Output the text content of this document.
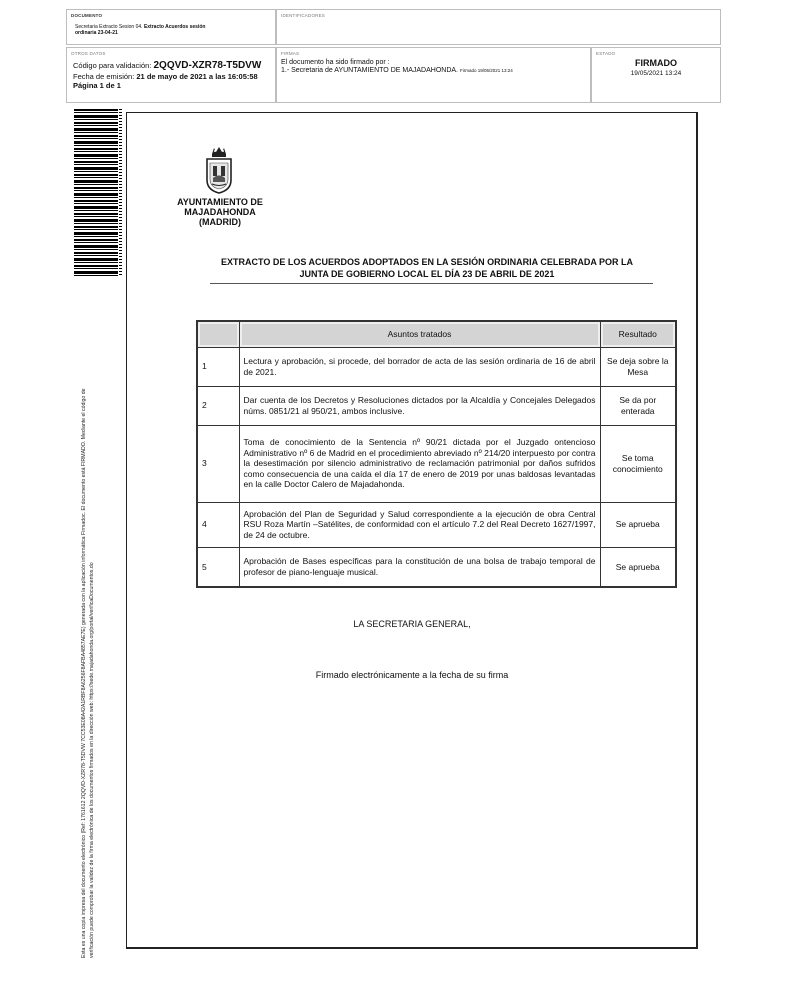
DOCUMENTO
Secretaria Extracto Sesion 04. Extracto Acuerdos sesión
ordinaria 23-04-21
IDENTIFICADORES
OTROS DATOS
Código para validación: 2QQVD-XZR78-T5DVW
Fecha de emisión: 21 de mayo de 2021 a las 16:05:58
Página 1 de 1
FIRMAS
El documento ha sido firmado por :
1.- Secretaria de AYUNTAMIENTO DE MAJADAHONDA. Firmado 19/05/2021 13:24
ESTADO
FIRMADO
19/05/2021 13:24
Esta es una copia impresa del documento electrónico (Ref: 1761612 2QQVD-XZR78-T5DVW 7CC53E08A42A1RBF8A6256F8AFBA4857AE7E) generada con la aplicación informática Firmadoc. El documento está FIRMADO. Mediante el código de verificación puede comprobar la validez de la firma electrónica de los documentos firmados en la dirección web: https://sede.majadahonda.org/portal/verificaDocumentos.do
AYUNTAMIENTO DE
MAJADAHONDA
(MADRID)
EXTRACTO DE LOS ACUERDOS ADOPTADOS EN LA SESIÓN ORDINARIA CELEBRADA POR LA
JUNTA DE GOBIERNO LOCAL EL DÍA 23 DE ABRIL DE 2021
	Asuntos tratados	Resultado
1	Lectura y aprobación, si procede, del borrador de acta de las sesión ordinaria de 16 de abril de 2021.	Se deja sobre la Mesa
2	Dar cuenta de los Decretos y Resoluciones dictados por la Alcaldía y Concejales Delegados núms. 0851/21 al 950/21, ambos inclusive.	Se da por enterada
3	Toma de conocimiento de la Sentencia nº 90/21 dictada por el Juzgado ontencioso Administrativo nº 6 de Madrid en el procedimiento abreviado nº 214/20 interpuesto por contra la desestimación por silencio administrativo de reclamación patrimonial por daños sufridos como consecuencia de una caída el día 17 de enero de 2019 por unas baldosas levantadas en la calle Doctor Calero de Majadahonda.	Se toma conocimiento
4	Aprobación del Plan de Seguridad y Salud correspondiente a la ejecución de obra Central RSU Roza Martín –Satélites, de conformidad con el artículo 7.2 del Real Decreto 1627/1997, de 24 de octubre.	Se aprueba
5	Aprobación de Bases específicas para la constitución de una bolsa de trabajo temporal de profesor de piano-lenguaje musical.	Se aprueba
LA SECRETARIA GENERAL,
Firmado electrónicamente a la fecha de su firma
